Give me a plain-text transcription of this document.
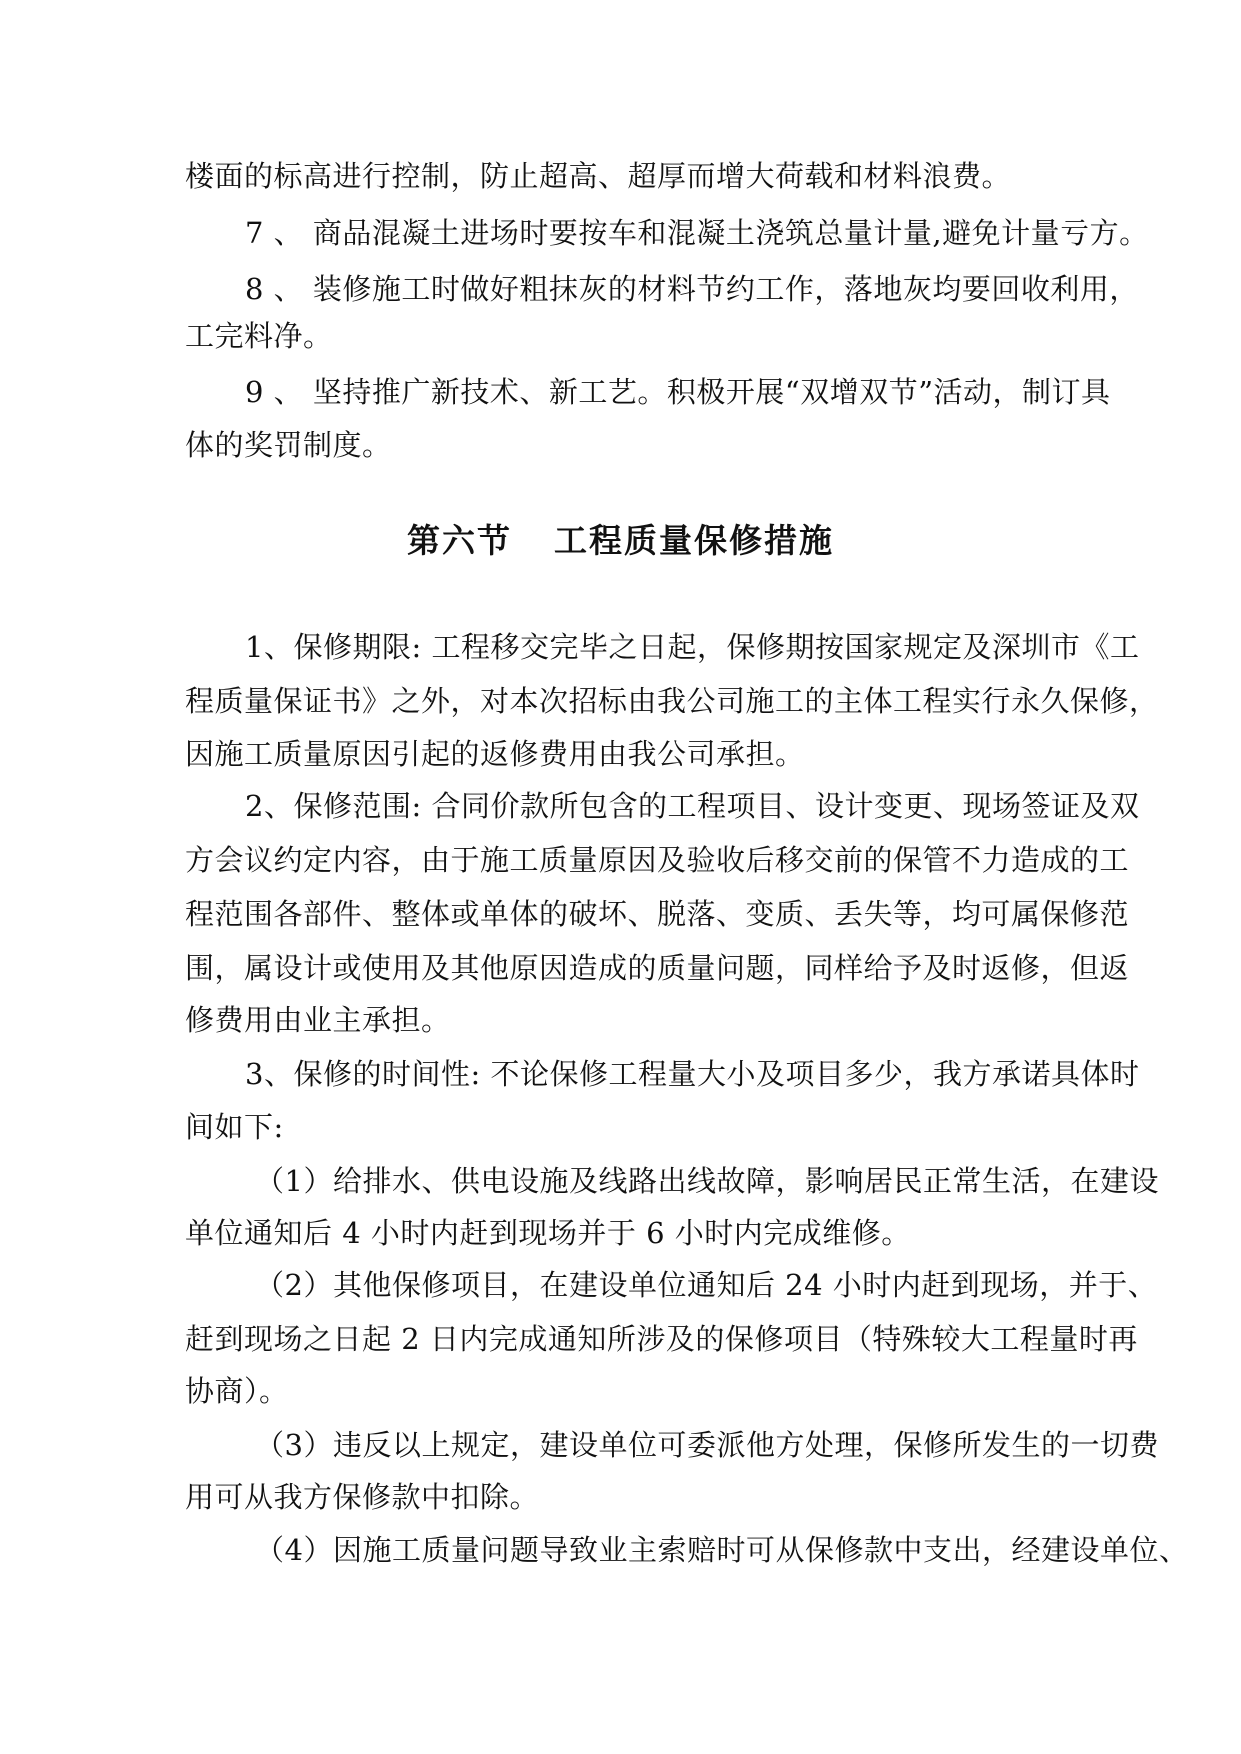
楼面的标高进行控制，防止超高、超厚而增大荷载和材料浪费。
7 、 商品混凝土进场时要按车和混凝土浇筑总量计量,避免计量亏方。
8 、 装修施工时做好粗抹灰的材料节约工作，落地灰均要回收利用，
工完料净。
9 、 坚持推广新技术、新工艺。积极开展“双增双节”活动，制订具
体的奖罚制度。
第六节 工程质量保修措施
1、保修期限: 工程移交完毕之日起，保修期按国家规定及深圳市《工
程质量保证书》之外，对本次招标由我公司施工的主体工程实行永久保修，
因施工质量原因引起的返修费用由我公司承担。
2、保修范围: 合同价款所包含的工程项目、设计变更、现场签证及双
方会议约定内容，由于施工质量原因及验收后移交前的保管不力造成的工
程范围各部件、整体或单体的破坏、脱落、变质、丢失等，均可属保修范
围，属设计或使用及其他原因造成的质量问题，同样给予及时返修，但返
修费用由业主承担。
3、保修的时间性: 不论保修工程量大小及项目多少，我方承诺具体时
间如下:
（1）给排水、供电设施及线路出线故障，影响居民正常生活，在建设
单位通知后 4 小时内赶到现场并于 6 小时内完成维修。
（2）其他保修项目，在建设单位通知后 24 小时内赶到现场，并于、
赶到现场之日起 2 日内完成通知所涉及的保修项目（特殊较大工程量时再
协商）。
（3）违反以上规定，建设单位可委派他方处理，保修所发生的一切费
用可从我方保修款中扣除。
（4）因施工质量问题导致业主索赔时可从保修款中支出，经建设单位、
